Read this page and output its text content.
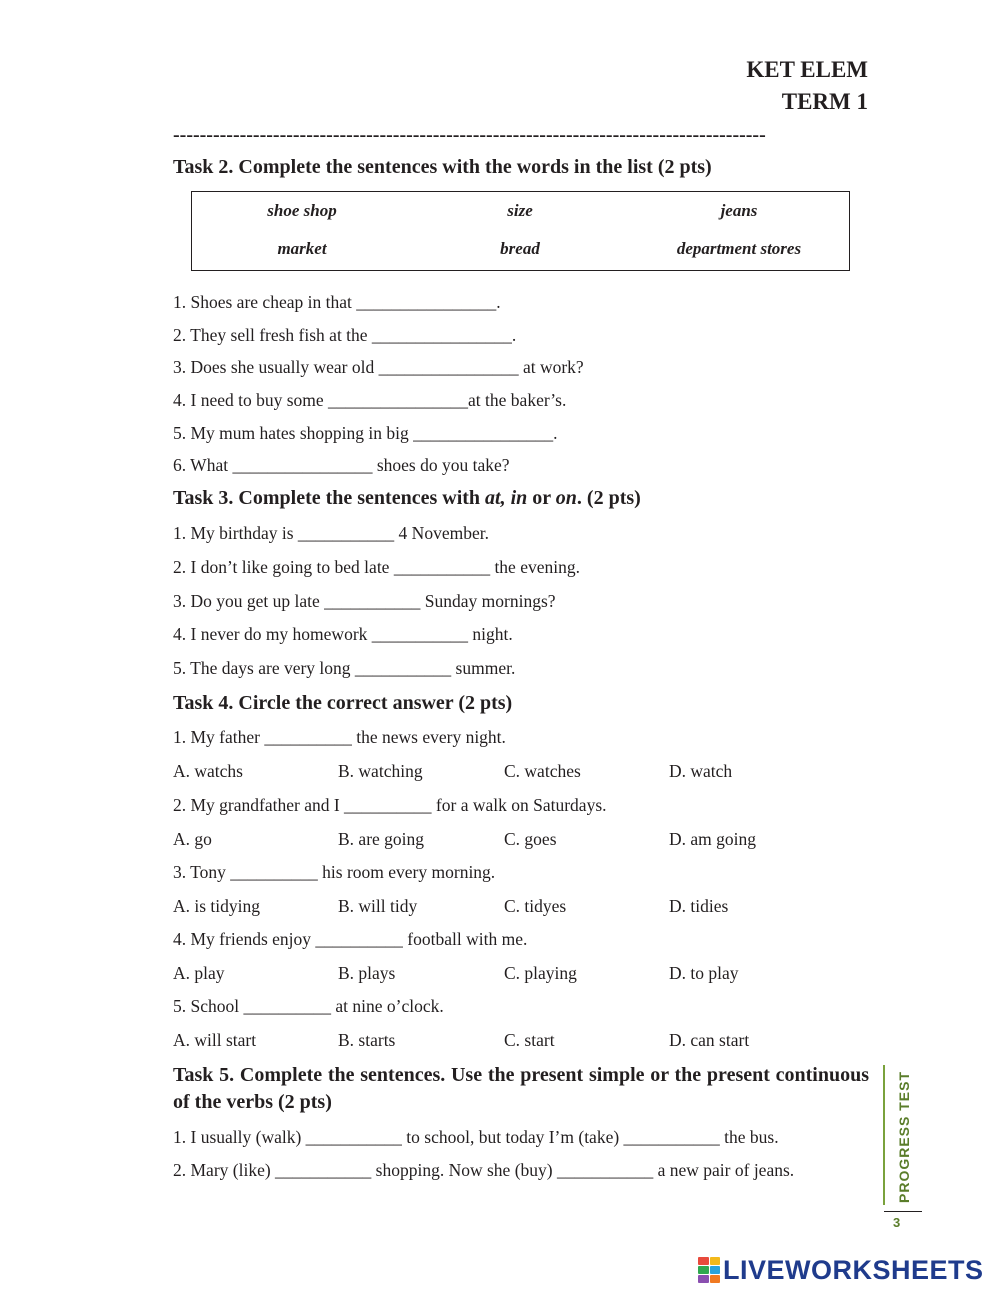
KET ELEM
TERM 1
-----------------------------------------------------------------------------------------
Task 2. Complete the sentences with the words in the list (2 pts)
shoe shop	size	jeans
market	bread	department stores
1. Shoes are cheap in that ________________.
2. They sell fresh fish at the ________________.
3. Does she usually wear old ________________ at work?
4. I need to buy some ________________at the baker’s.
5. My mum hates shopping in big ________________.
6. What ________________ shoes do you take?
Task 3. Complete the sentences with at, in or on. (2 pts)
1. My birthday is ___________ 4 November.
2. I don’t like going to bed late ___________ the evening.
3. Do you get up late ___________ Sunday mornings?
4. I never do my homework ___________ night.
5. The days are very long ___________ summer.
Task 4. Circle the correct answer (2 pts)
1. My father __________ the news every night.
A. watchs	B. watching	C. watches	D. watch
2. My grandfather and I __________ for a walk on Saturdays.
A. go	B. are going	C. goes	D. am going
3. Tony __________ his room every morning.
A. is tidying	B. will tidy	C. tidyes	D. tidies
4. My friends enjoy __________ football with me.
A. play	B. plays	C. playing	D. to play
5. School __________ at nine o’clock.
A. will start	B. starts	C. start	D. can start
Task 5. Complete the sentences. Use the present simple or the present continuous of the verbs (2 pts)
1. I usually (walk) ___________ to school, but today I’m (take) ___________ the bus.
2. Mary (like) ___________ shopping. Now she (buy) ___________ a new pair of jeans.	PROGRESS TEST
3
LIVEWORKSHEETS
